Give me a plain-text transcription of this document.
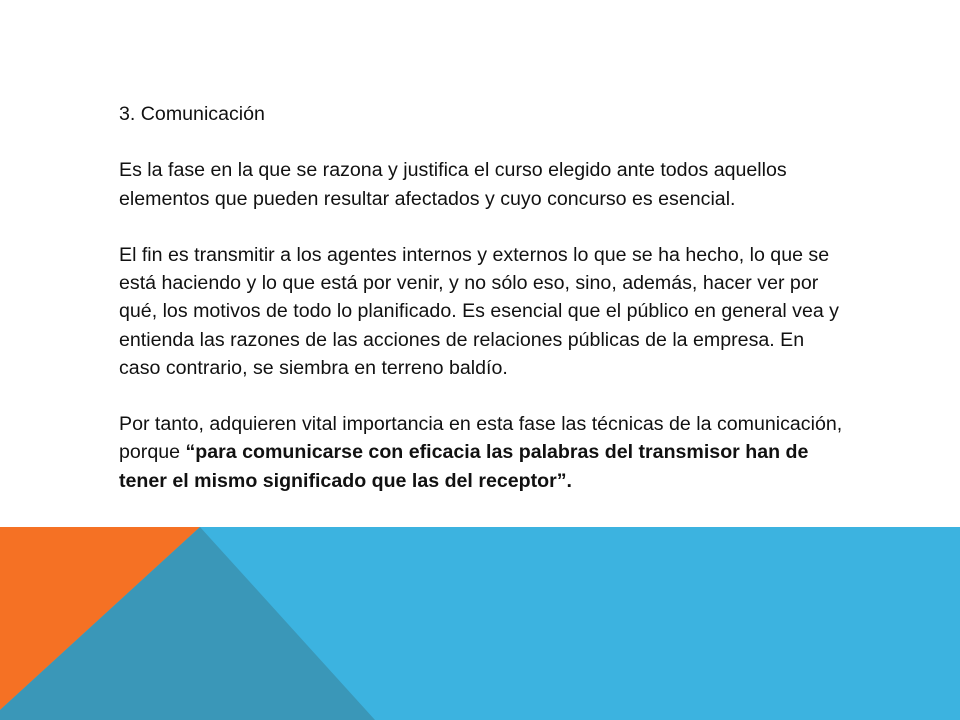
3. Comunicación

Es la fase en la que se razona y justifica el curso elegido ante todos aquellos elementos que pueden resultar afectados y cuyo concurso es esencial.

El fin es transmitir a los agentes internos y externos lo que se ha hecho, lo que se está haciendo y lo que está por venir, y no sólo eso, sino, además, hacer ver por qué, los motivos de todo lo planificado. Es esencial que el público en general vea y entienda las razones de las acciones de relaciones públicas de la empresa. En caso contrario, se siembra en terreno baldío.

Por tanto, adquieren vital importancia en esta fase las técnicas de la comunicación, porque “para comunicarse con eficacia las palabras del transmisor han de tener el mismo significado que las del receptor”.
